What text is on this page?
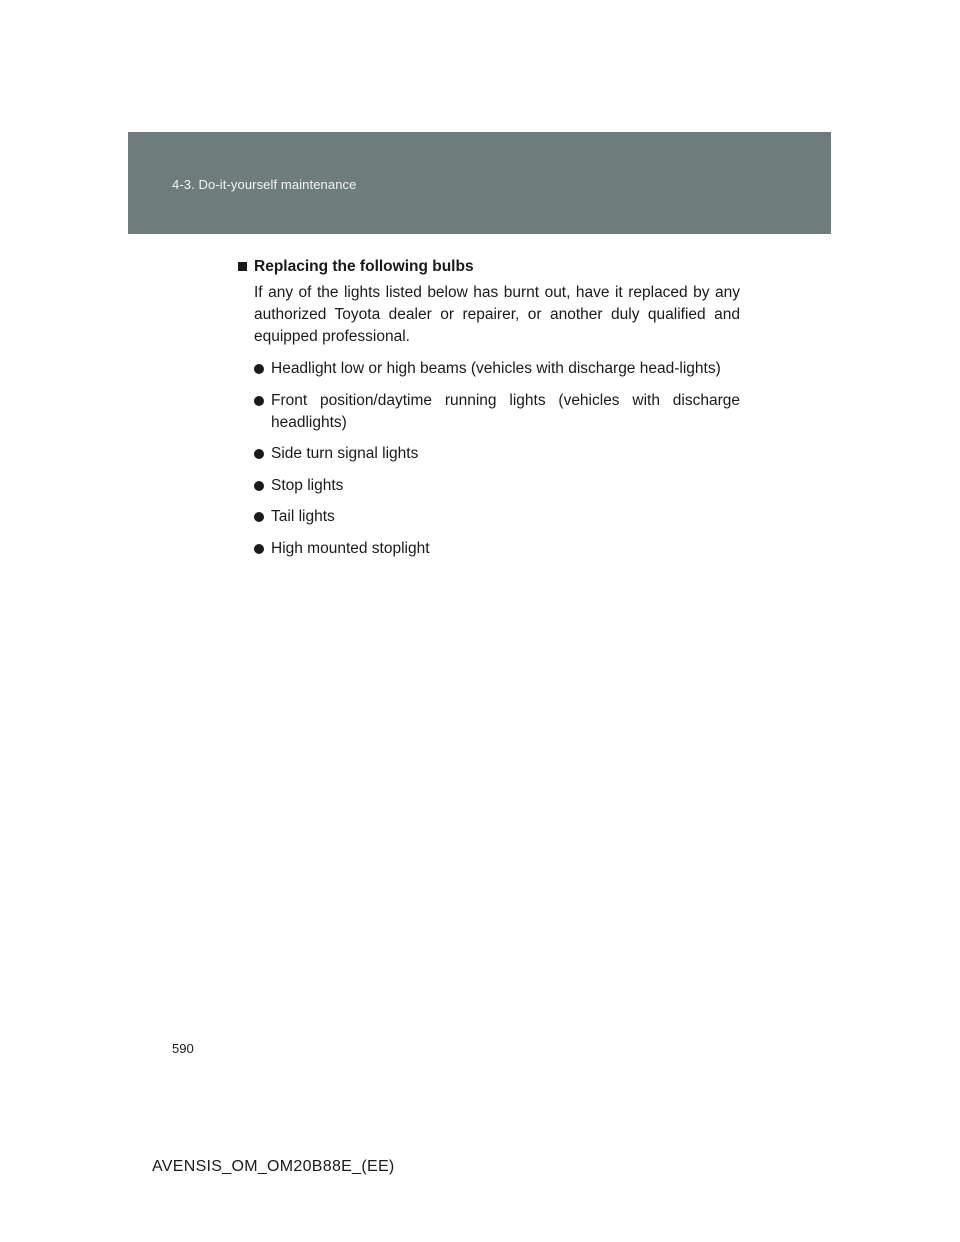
4-3. Do-it-yourself maintenance
Replacing the following bulbs

If any of the lights listed below has burnt out, have it replaced by any authorized Toyota dealer or repairer, or another duly qualified and equipped professional.

Headlight low or high beams (vehicles with discharge head-lights)
Front position/daytime running lights (vehicles with discharge headlights)
Side turn signal lights
Stop lights
Tail lights
High mounted stoplight
590
AVENSIS_OM_OM20B88E_(EE)
